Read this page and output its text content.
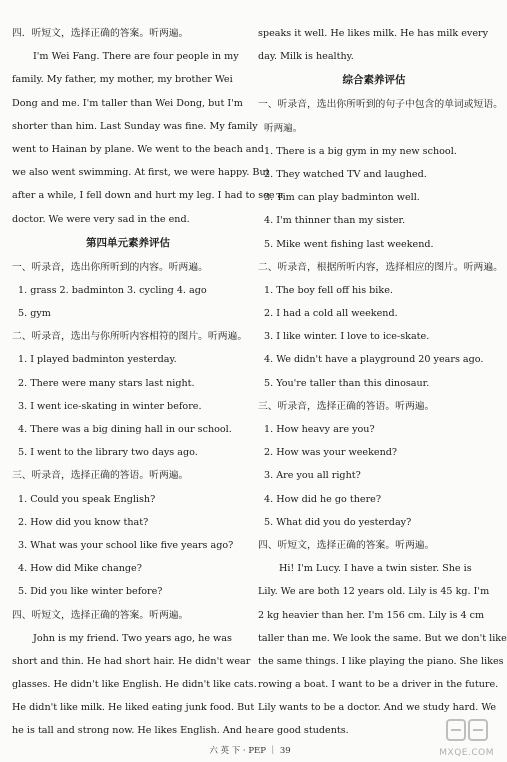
四．听短文，选择正确的答案。听两遍。
I'm Wei Fang. There are four people in my
family. My father, my mother, my brother Wei
Dong and me. I'm taller than Wei Dong, but I'm
shorter than him. Last Sunday was fine. My family
went to Hainan by plane. We went to the beach and
we also went swimming. At first, we were happy. But
after a while, I fell down and hurt my leg. I had to see a
doctor. We were very sad in the end.
第四单元素养评估
一、听录音，选出你所听到的内容。听两遍。
1. grass 2. badminton 3. cycling 4. ago
5. gym
二、听录音，选出与你所听内容相符的图片。听两遍。
1. I played badminton yesterday.
2. There were many stars last night.
3. I went ice-skating in winter before.
4. There was a big dining hall in our school.
5. I went to the library two days ago.
三、听录音，选择正确的答语。听两遍。
1. Could you speak English?
2. How did you know that?
3. What was your school like five years ago?
4. How did Mike change?
5. Did you like winter before?
四、听短文，选择正确的答案。听两遍。
John is my friend. Two years ago, he was
short and thin. He had short hair. He didn't wear
glasses. He didn't like English. He didn't like cats.
He didn't like milk. He liked eating junk food. But
he is tall and strong now. He likes English. And he
speaks it well. He likes milk. He has milk every
day. Milk is healthy.
综合素养评估
一、听录音，选出你所听到的句子中包含的单词或短语。
听两遍。
1. There is a big gym in my new school.
2. They watched TV and laughed.
3. Tim can play badminton well.
4. I'm thinner than my sister.
5. Mike went fishing last weekend.
二、听录音，根据所听内容，选择相应的图片。听两遍。
1. The boy fell off his bike.
2. I had a cold all weekend.
3. I like winter. I love to ice-skate.
4. We didn't have a playground 20 years ago.
5. You're taller than this dinosaur.
三、听录音，选择正确的答语。听两遍。
1. How heavy are you?
2. How was your weekend?
3. Are you all right?
4. How did he go there?
5. What did you do yesterday?
四、听短文，选择正确的答案。听两遍。
Hi! I'm Lucy. I have a twin sister. She is
Lily. We are both 12 years old. Lily is 45 kg. I'm
2 kg heavier than her. I'm 156 cm. Lily is 4 cm
taller than me. We look the same. But we don't like
the same things. I like playing the piano. She likes
rowing a boat. I want to be a driver in the future.
Lily wants to be a doctor. And we study hard. We
are good students.
六 英 下 · PEP ｜ 39	MXQE.COM
